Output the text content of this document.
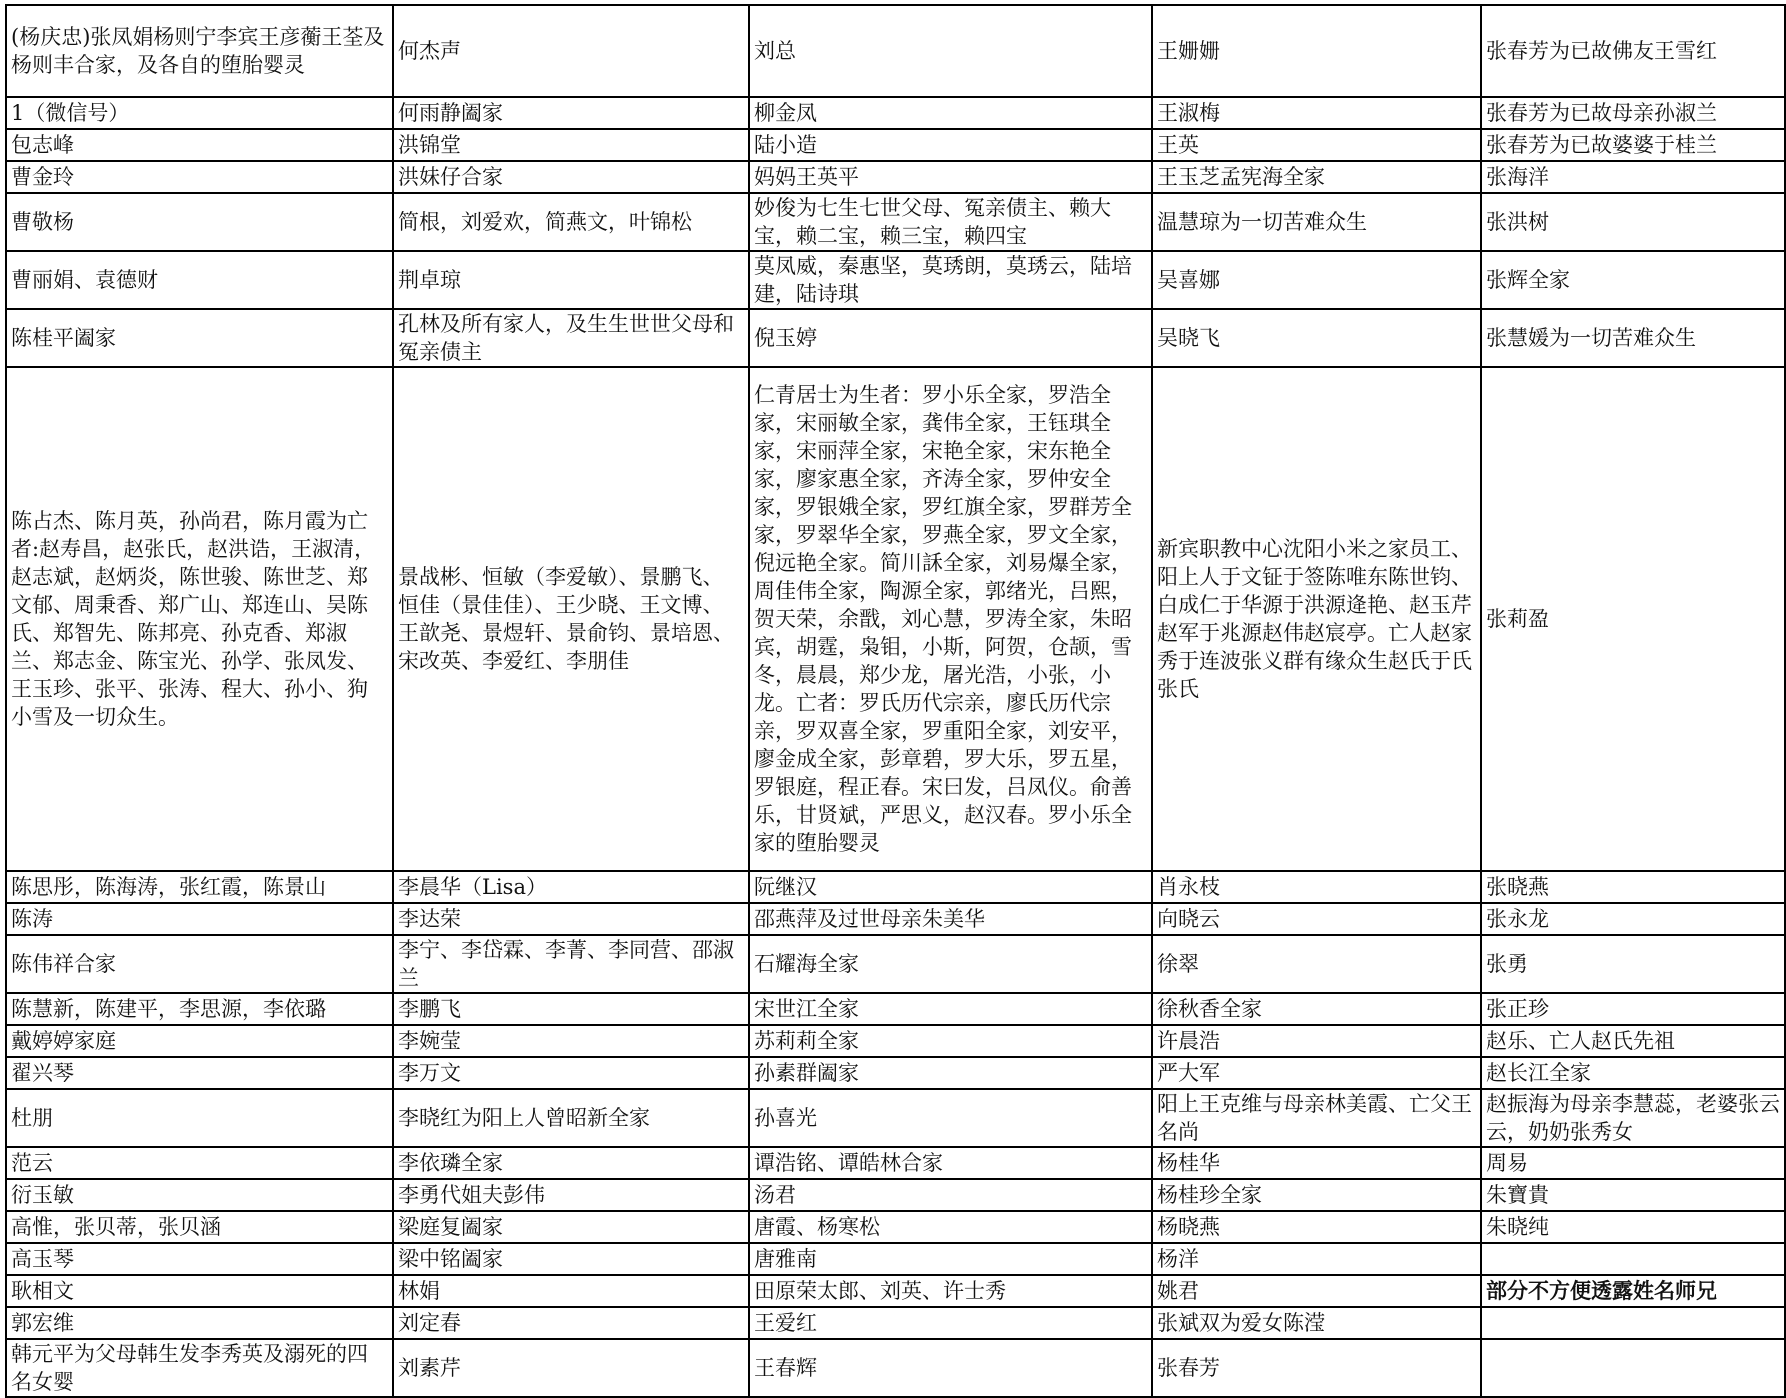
(杨庆忠)张凤娟杨则宁李宾王彦蘅王荃及杨则丰合家，及各自的堕胎婴灵	何杰声	刘总	王姗姗	张春芳为已故佛友王雪红
1（微信号）	何雨静阖家	柳金凤	王淑梅	张春芳为已故母亲孙淑兰
包志峰	洪锦堂	陆小造	王英	张春芳为已故婆婆于桂兰
曹金玲	洪妹仔合家	妈妈王英平	王玉芝孟宪海全家	张海洋
曹敬杨	简根，刘爱欢，简燕文，叶锦松	妙俊为七生七世父母、冤亲债主、赖大宝，赖二宝，赖三宝，赖四宝	温慧琼为一切苦难众生	张洪树
曹丽娟、袁德财	荆卓琼	莫凤威，秦惠坚，莫琇朗，莫琇云，陆培建，陆诗琪	吴喜娜	张辉全家
陈桂平阖家	孔林及所有家人，及生生世世父母和冤亲债主	倪玉婷	吴晓飞	张慧媛为一切苦难众生
陈占杰、陈月英，孙尚君，陈月霞为亡者:赵寿昌，赵张氏，赵洪诰，王淑清，赵志斌，赵炳炎，陈世骏、陈世芝、郑文郁、周秉香、郑广山、郑连山、吴陈氏、郑智先、陈邦亮、孙克香、郑淑兰、郑志金、陈宝光、孙学、张凤发、王玉珍、张平、张涛、程大、孙小、狗小雪及一切众生。	景战彬、恒敏（李爱敏）、景鹏飞、恒佳（景佳佳）、王少晓、王文博、王歆尧、景煜轩、景俞钧、景培恩、宋改英、李爱红、李朋佳	仁青居士为生者：罗小乐全家，罗浩全家，宋丽敏全家，龚伟全家，王钰琪全家，宋丽萍全家，宋艳全家，宋东艳全家，廖家惠全家，齐涛全家，罗仲安全家，罗银娥全家，罗红旗全家，罗群芳全家，罗翠华全家，罗燕全家，罗文全家，倪远艳全家。简川訸全家，刘易爆全家，周佳伟全家，陶源全家，郭绪光，吕熙，贺天荣，余戬，刘心慧，罗涛全家，朱昭宾，胡霆，枭钼，小斯，阿贺，仓颉，雪冬，晨晨，郑少龙，屠光浩，小张，小龙。亡者：罗氏历代宗亲，廖氏历代宗亲，罗双喜全家，罗重阳全家，刘安平，廖金成全家，彭章碧，罗大乐，罗五星，罗银庭，程正春。宋曰发，吕凤仪。俞善乐，甘贤斌，严思义，赵汉春。罗小乐全家的堕胎婴灵	新宾职教中心沈阳小米之家员工、阳上人于文钲于签陈唯东陈世钧、白成仁于华源于洪源逄艳、赵玉芹赵军于兆源赵伟赵宸亭。亡人赵家秀于连波张义群有缘众生赵氏于氏张氏	张莉盈
陈思彤，陈海涛，张红霞，陈景山	李晨华（Lisa）	阮继汉	肖永枝	张晓燕
陈涛	李达荣	邵燕萍及过世母亲朱美华	向晓云	张永龙
陈伟祥合家	李宁、李岱霖、李菁、李同营、邵淑兰	石耀海全家	徐翠	张勇
陈慧新，陈建平，李思源，李依璐	李鹏飞	宋世江全家	徐秋香全家	张正珍
戴婷婷家庭	李婉莹	苏莉莉全家	许晨浩	赵乐、亡人赵氏先祖
翟兴琴	李万文	孙素群阖家	严大军	赵长江全家
杜朋	李晓红为阳上人曾昭新全家	孙喜光	阳上王克维与母亲林美霞、亡父王名尚	赵振海为母亲李慧蕊，老婆张云云，奶奶张秀女
范云	李依璘全家	谭浩铭、谭皓林合家	杨桂华	周易
衍玉敏	李勇代姐夫彭伟	汤君	杨桂珍全家	朱寶貴
高惟，张贝蒂，张贝涵	梁庭复阖家	唐霞、杨寒松	杨晓燕	朱晓纯
高玉琴	梁中铭阖家	唐雅南	杨洋	
耿相文	林娟	田原荣太郎、刘英、许士秀	姚君	部分不方便透露姓名师兄
郭宏维	刘定春	王爱红	张斌双为爱女陈滢	
韩元平为父母韩生发李秀英及溺死的四名女婴	刘素芹	王春辉	张春芳	
